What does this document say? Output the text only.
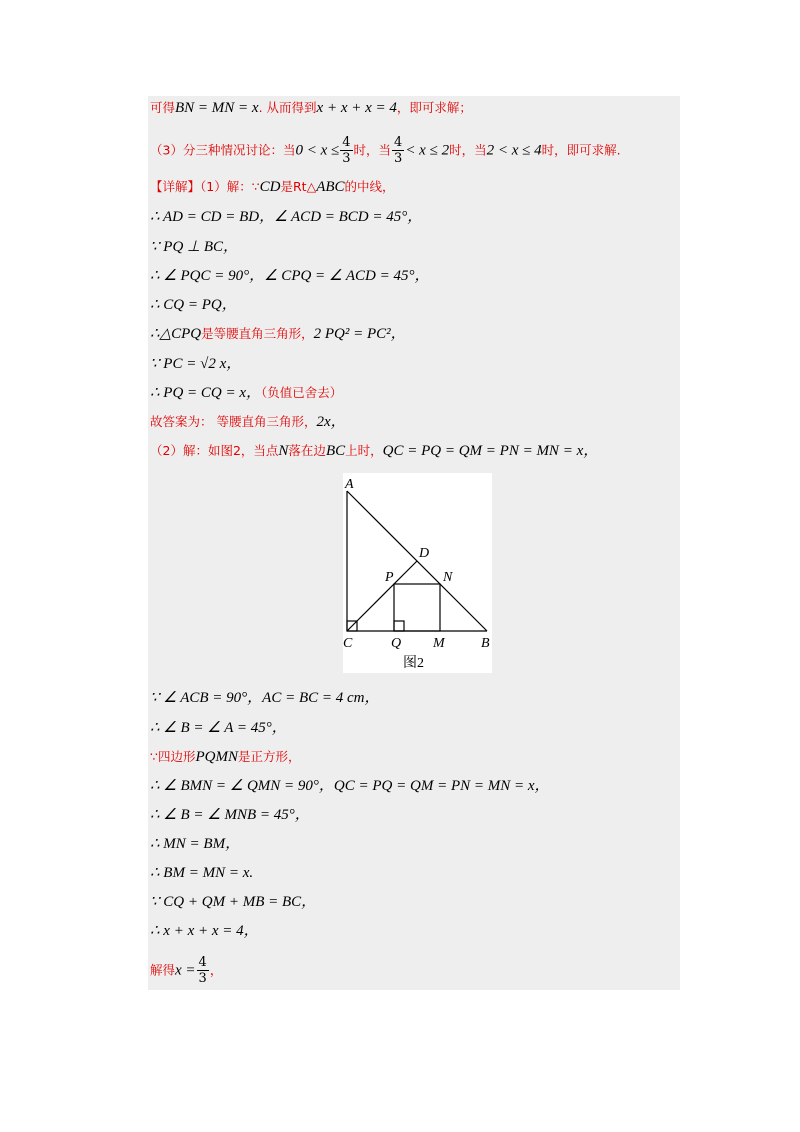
可得BN = MN = x. 从而得到x + x + x = 4，即可求解；
（3）分三种情况讨论：当$0 < x \le \frac{4}{3}$ 时，当 $\frac{4}{3} < x \le 2$时，当2 < x ≤ 4时，即可求解.
【详解】（1）解：∵CD是Rt△ABC的中线，
∴ AD = CD = BD，∠ ACD = BCD = 45°，
∵ PQ ⊥ BC，
∴ ∠ PQC = 90°，∠ CPQ = ∠ ACD = 45°，
∴ CQ = PQ，
∴△CPQ是等腰直角三角形，2 PQ² = PC²，
∵ PC = √2 x，
∴ PQ = CQ = x，（负值已舍去）
故答案为： 等腰直角三角形，2x，
（2）解：如图2，当点N落在边BC上时，QC = PQ = QM = PN = MN = x，
A
D
P	N
C	Q M	B
图2
∵ ∠ ACB = 90°，AC = BC = 4 cm，
∴ ∠ B = ∠ A = 45°，
∵四边形PQMN是正方形，
∴ ∠ BMN = ∠ QMN = 90°，QC = PQ = QM = PN = MN = x，
∴ ∠ B = ∠ MNB = 45°，
∴ MN = BM，
∴ BM = MN = x.
∵ CQ + QM + MB = BC，
∴ x + x + x = 4，
解得$x = \frac{4}{3}$ ，
